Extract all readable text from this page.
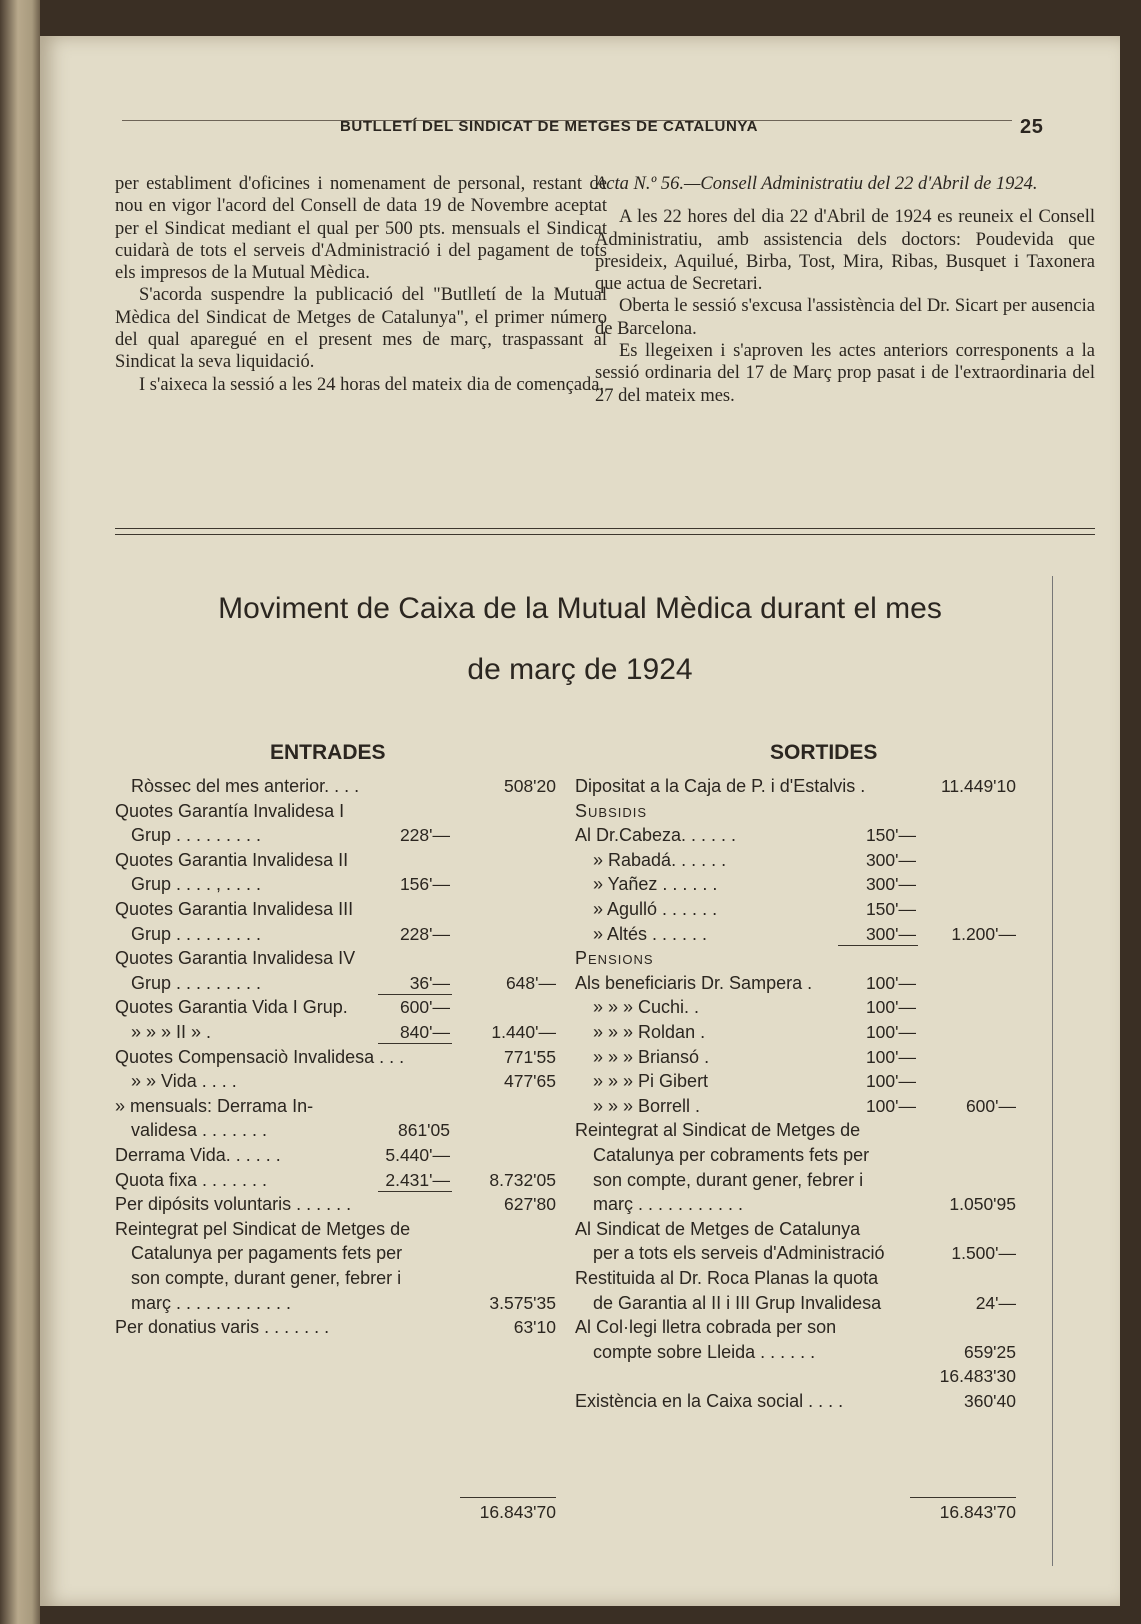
BUTLLETÍ DEL SINDICAT DE METGES DE CATALUNYA	25

per establiment d'oficines i nomenament de personal, restant de nou en vigor l'acord del Consell de data 19 de Novembre aceptat per el Sindicat mediant el qual per 500 pts. mensuals el Sindicat cuidarà de tots el serveis d'Administració i del pagament de tots els impresos de la Mutual Mèdica.

S'acorda suspendre la publicació del "Butlletí de la Mutual Mèdica del Sindicat de Metges de Catalunya", el primer número del qual aparegué en el present mes de març, traspassant al Sindicat la seva liquidació.

I s'aixeca la sessió a les 24 horas del mateix dia de començada.

Acta N.º 56.—Consell Administratiu del 22 d'Abril de 1924.

A les 22 hores del dia 22 d'Abril de 1924 es reuneix el Consell Administratiu, amb assistencia dels doctors: Poudevida que presideix, Aquilué, Birba, Tost, Mira, Ribas, Busquet i Taxonera que actua de Secretari.

Oberta le sessió s'excusa l'assistència del Dr. Sicart per ausencia de Barcelona.

Es llegeixen i s'aproven les actes anteriors corresponents a la sessió ordinaria del 17 de Març prop pasat i de l'extraordinaria del 27 del mateix mes.

Moviment de Caixa de la Mutual Mèdica durant el mes
de març de 1924
ENTRADES	SORTIDES
Ròssec del mes anterior. . . .	508'20
Quotes Garantía Invalidesa I
Grup . . . . . . . . .	228'—
Quotes Garantia Invalidesa II
Grup . . . . , . . . .	156'—
Quotes Garantia Invalidesa III
Grup . . . . . . . . .	228'—
Quotes Garantia Invalidesa IV
Grup . . . . . . . . .	36'—	648'—
Quotes Garantia Vida I Grup.	600'—
» » » II » .	840'—	1.440'—
Quotes Compensaciò Invalidesa . . .	771'55
» » Vida . . . .	477'65
» mensuals: Derrama In-
validesa . . . . . . .	861'05
Derrama Vida. . . . . .	5.440'—
Quota fixa . . . . . . .	2.431'—	8.732'05
Per dipósits voluntaris . . . . . .	627'80
Reintegrat pel Sindicat de Metges de
Catalunya per pagaments fets per
son compte, durant gener, febrer i
març . . . . . . . . . . . .	3.575'35
Per donatius varis . . . . . . .	63'10
16.843'70
Dipositat a la Caja de P. i d'Estalvis .	11.449'10
Subsidis
Al Dr.Cabeza. . . . . .	150'—
» Rabadá. . . . . .	300'—
» Yañez . . . . . .	300'—
» Agulló . . . . . .	150'—
» Altés . . . . . .	300'—	1.200'—
Pensions
Als beneficiaris Dr. Sampera .	100'—
» » » Cuchi. .	100'—
» » » Roldan .	100'—
» » » Briansó .	100'—
» » » Pi Gibert	100'—
» » » Borrell .	100'—	600'—
Reintegrat al Sindicat de Metges de
Catalunya per cobraments fets per
son compte, durant gener, febrer i
març . . . . . . . . . . .	1.050'95
Al Sindicat de Metges de Catalunya
per a tots els serveis d'Administració	1.500'—
Restituida al Dr. Roca Planas la quota
de Garantia al II i III Grup Invalidesa	24'—
Al Col·legi lletra cobrada per son
compte sobre Lleida . . . . . .	659'25
16.483'30
Existència en la Caixa social . . . .	360'40
16.843'70
